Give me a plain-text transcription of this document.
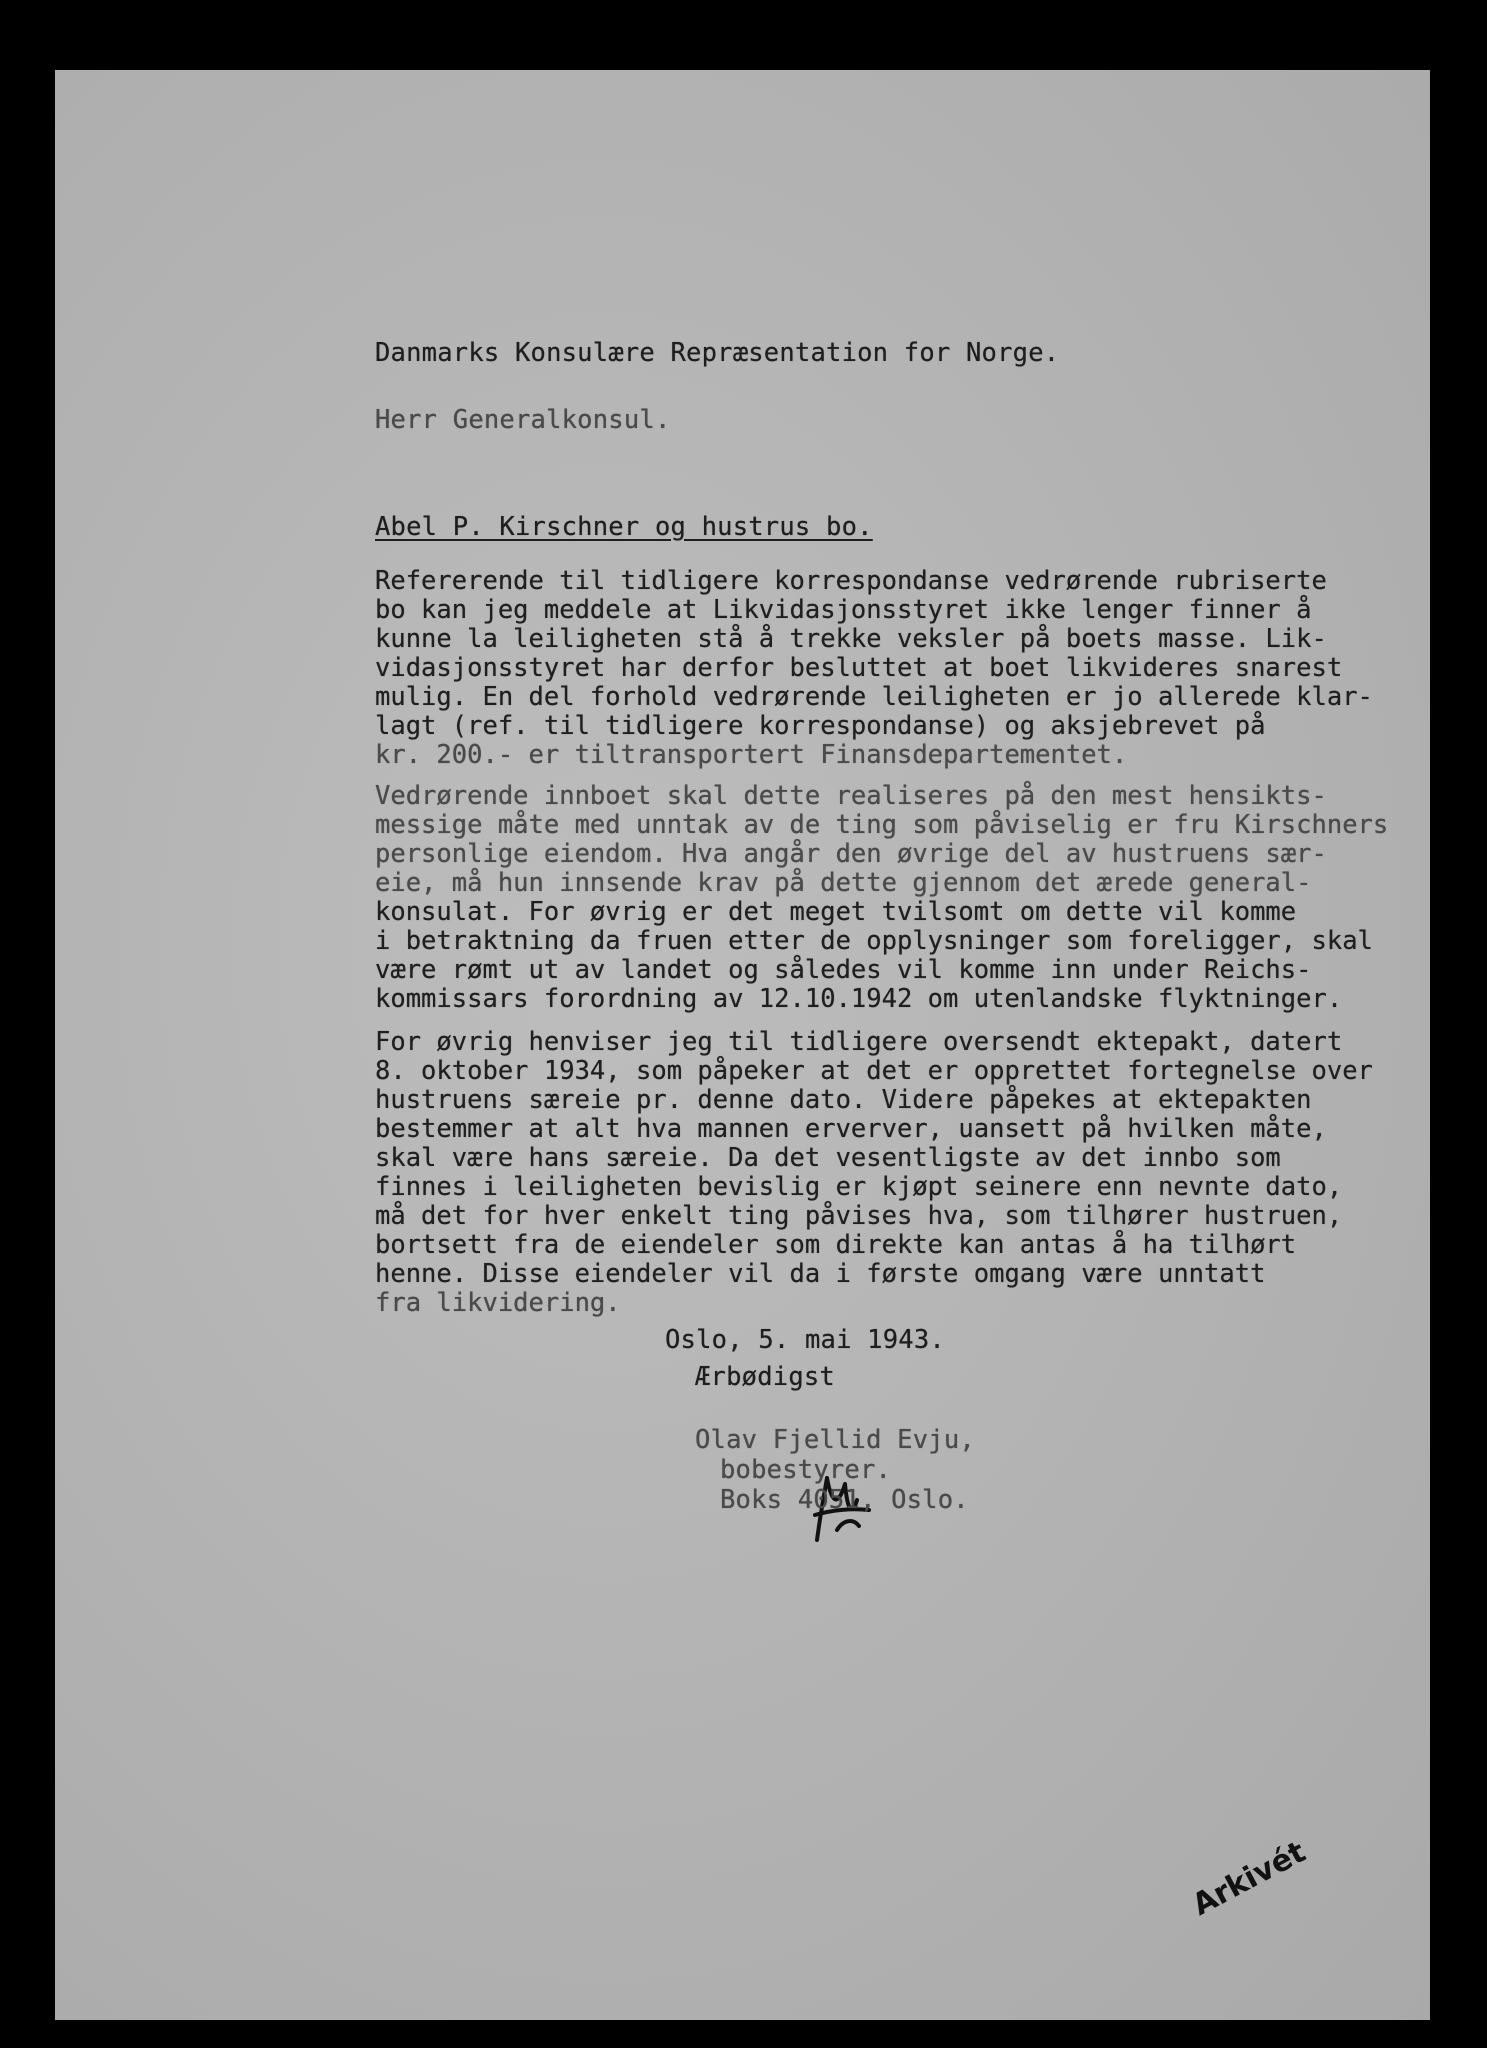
Danmarks Konsulære Repræsentation for Norge.
Herr Generalkonsul.
Abel P. Kirschner og hustrus bo.
Refererende til tidligere korrespondanse vedrørende rubriserte
bo kan jeg meddele at Likvidasjonsstyret ikke lenger finner å
kunne la leiligheten stå å trekke veksler på boets masse. Lik-
vidasjonsstyret har derfor besluttet at boet likvideres snarest
mulig. En del forhold vedrørende leiligheten er jo allerede klar-
lagt (ref. til tidligere korrespondanse) og aksjebrevet på
kr. 200.- er tiltransportert Finansdepartementet.
Vedrørende innboet skal dette realiseres på den mest hensikts-
messige måte med unntak av de ting som påviselig er fru Kirschners
personlige eiendom. Hva angår den øvrige del av hustruens sær-
eie, må hun innsende krav på dette gjennom det ærede general-
konsulat. For øvrig er det meget tvilsomt om dette vil komme
i betraktning da fruen etter de opplysninger som foreligger, skal
være rømt ut av landet og således vil komme inn under Reichs-
kommissars forordning av 12.10.1942 om utenlandske flyktninger.
For øvrig henviser jeg til tidligere oversendt ektepakt, datert
8. oktober 1934, som påpeker at det er opprettet fortegnelse over
hustruens særeie pr. denne dato. Videre påpekes at ektepakten
bestemmer at alt hva mannen erverver, uansett på hvilken måte,
skal være hans særeie. Da det vesentligste av det innbo som
finnes i leiligheten bevislig er kjøpt seinere enn nevnte dato,
må det for hver enkelt ting påvises hva, som tilhører hustruen,
bortsett fra de eiendeler som direkte kan antas å ha tilhørt
henne. Disse eiendeler vil da i første omgang være unntatt
fra likvidering.
Oslo, 5. mai 1943.
Ærbødigst
Olav Fjellid Evju,
bobestyrer.
Boks 4051, Oslo.
Arkivét
